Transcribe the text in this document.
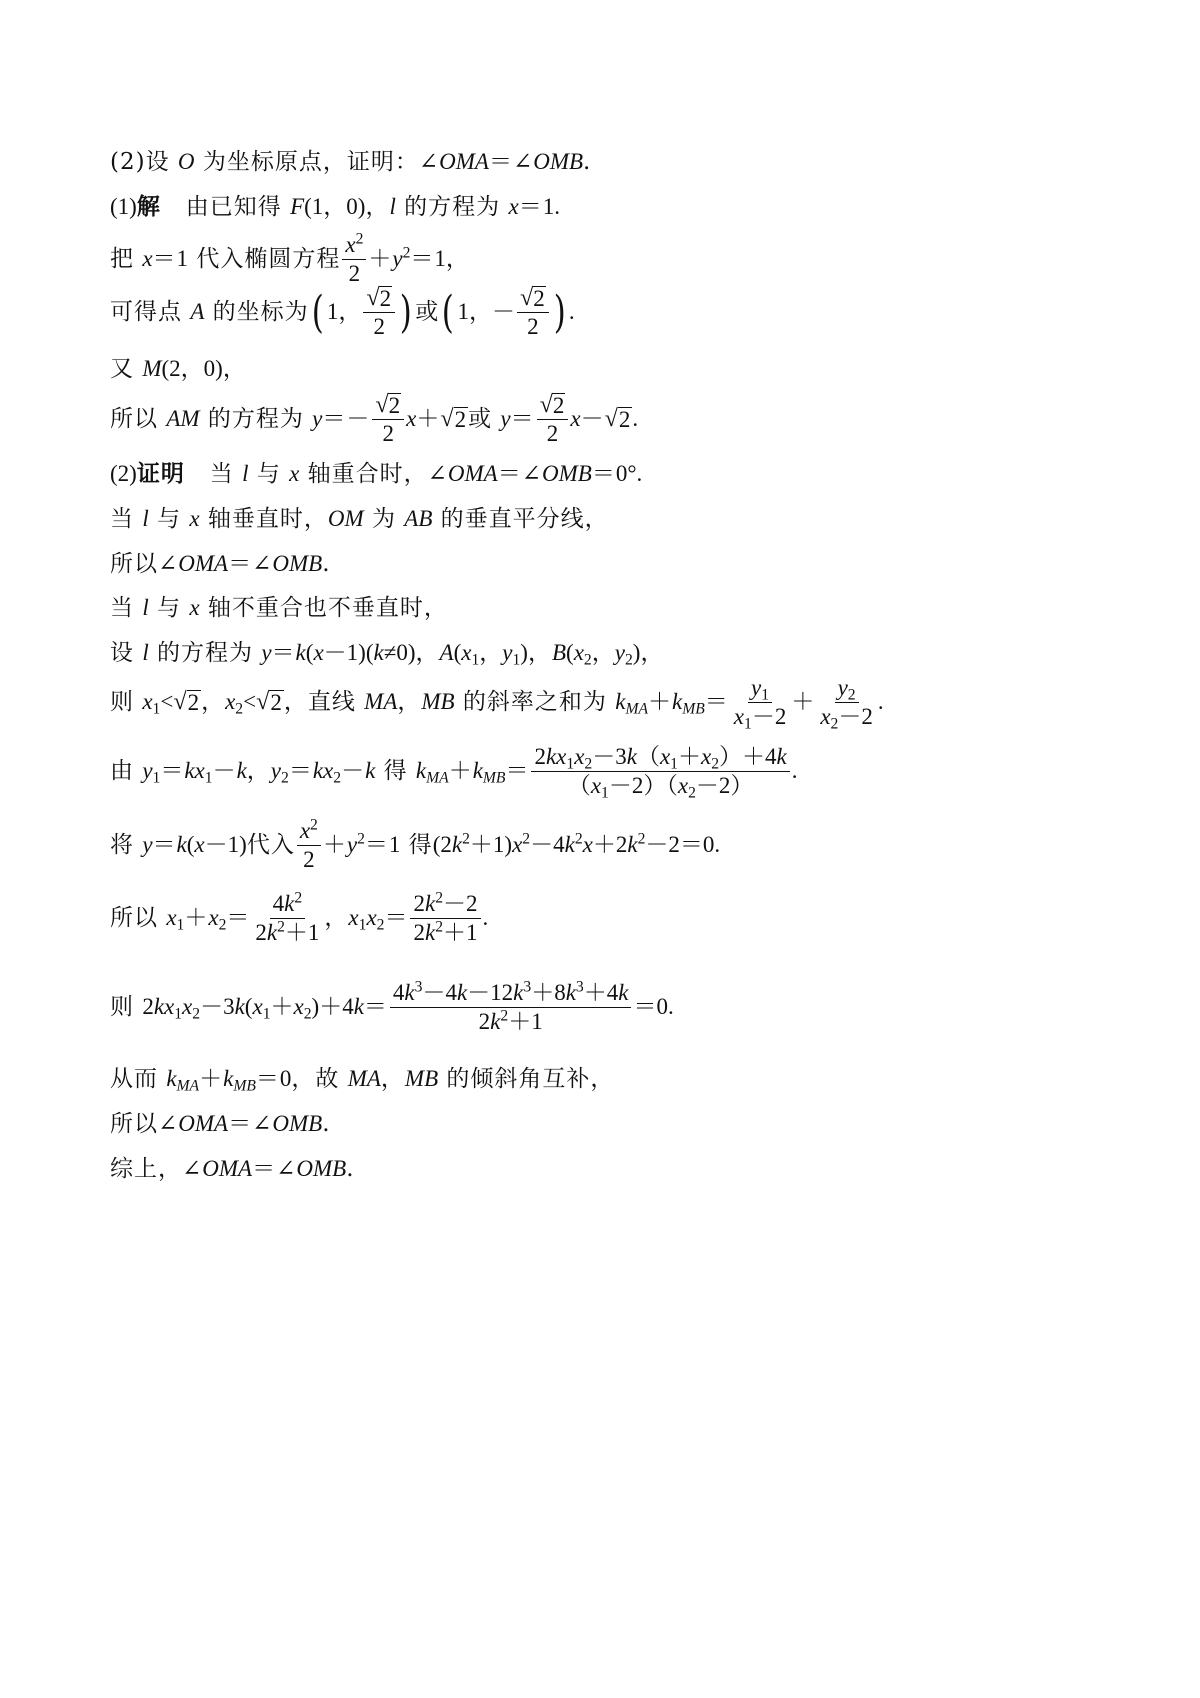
(2)设 O 为坐标原点，证明：∠OMA＝∠OMB.
(1)解   由已知得 F(1，0)，l 的方程为 x＝1.
把 x＝1 代入椭圆方程 $\frac{x^2}{2} +y^2=1$，
可得点 A 的坐标为( 1， $\frac{√ 2}{2}$ ) 或( 1，－ $\frac{√ 2}{2}$ ) .
又 M(2，0)，
所以 AM 的方程为 $y=- \frac{√ 2}{2} x+$ √ 2 或 $y= \frac{√ 2}{2} x-$ √ 2 .
(2)证明   当 l 与 x 轴重合时，∠OMA＝∠OMB＝0°.
当 l 与 x 轴垂直时，OM 为 AB 的垂直平分线，
所以∠OMA＝∠OMB.
当 l 与 x 轴不重合也不垂直时，
设 l 的方程为 y＝k(x－1)(k≠0)，$A(x_1$，$y_1$)，$B(x_2$，$y_2$)，
则 $x_1<$ √ 2 ，$x_2<$ √ 2 ，直线 MA，MB 的斜率之和为 $k_{MA}+k_{MB}= \frac{y_1}{x_1-2} + \frac{y_2}{x_2-2}$ .
由 $y_1=kx_1-k$，$y_2=kx_2-k$ 得 $k_{MA}+k_{MB}= \frac{2kx_1x_2-3k(x_1+x_2)+4k}{(x_1-2)(x_2-2)}$ .
将 y＝k(x－1)代入 $\frac{x^2}{2} +y^2=1$ 得$(2k^2+1)x^2-4k^2x+2k^2-2=0$.
所以 $x_1+x_2= \frac{4k^2}{2k^2+1}$ ，$x_1x_2= \frac{2k^2-2}{2k^2+1}$ .
则 $2kx_1x_2-3k(x_1+x_2)+4k= \frac{4k^3-4k-12k^3+8k^3+4k}{2k^2+1} =0$.
从而 $k_{MA}+k_{MB}=0$，故 MA，MB 的倾斜角互补，
所以∠OMA＝∠OMB.
综上，∠OMA＝∠OMB.
